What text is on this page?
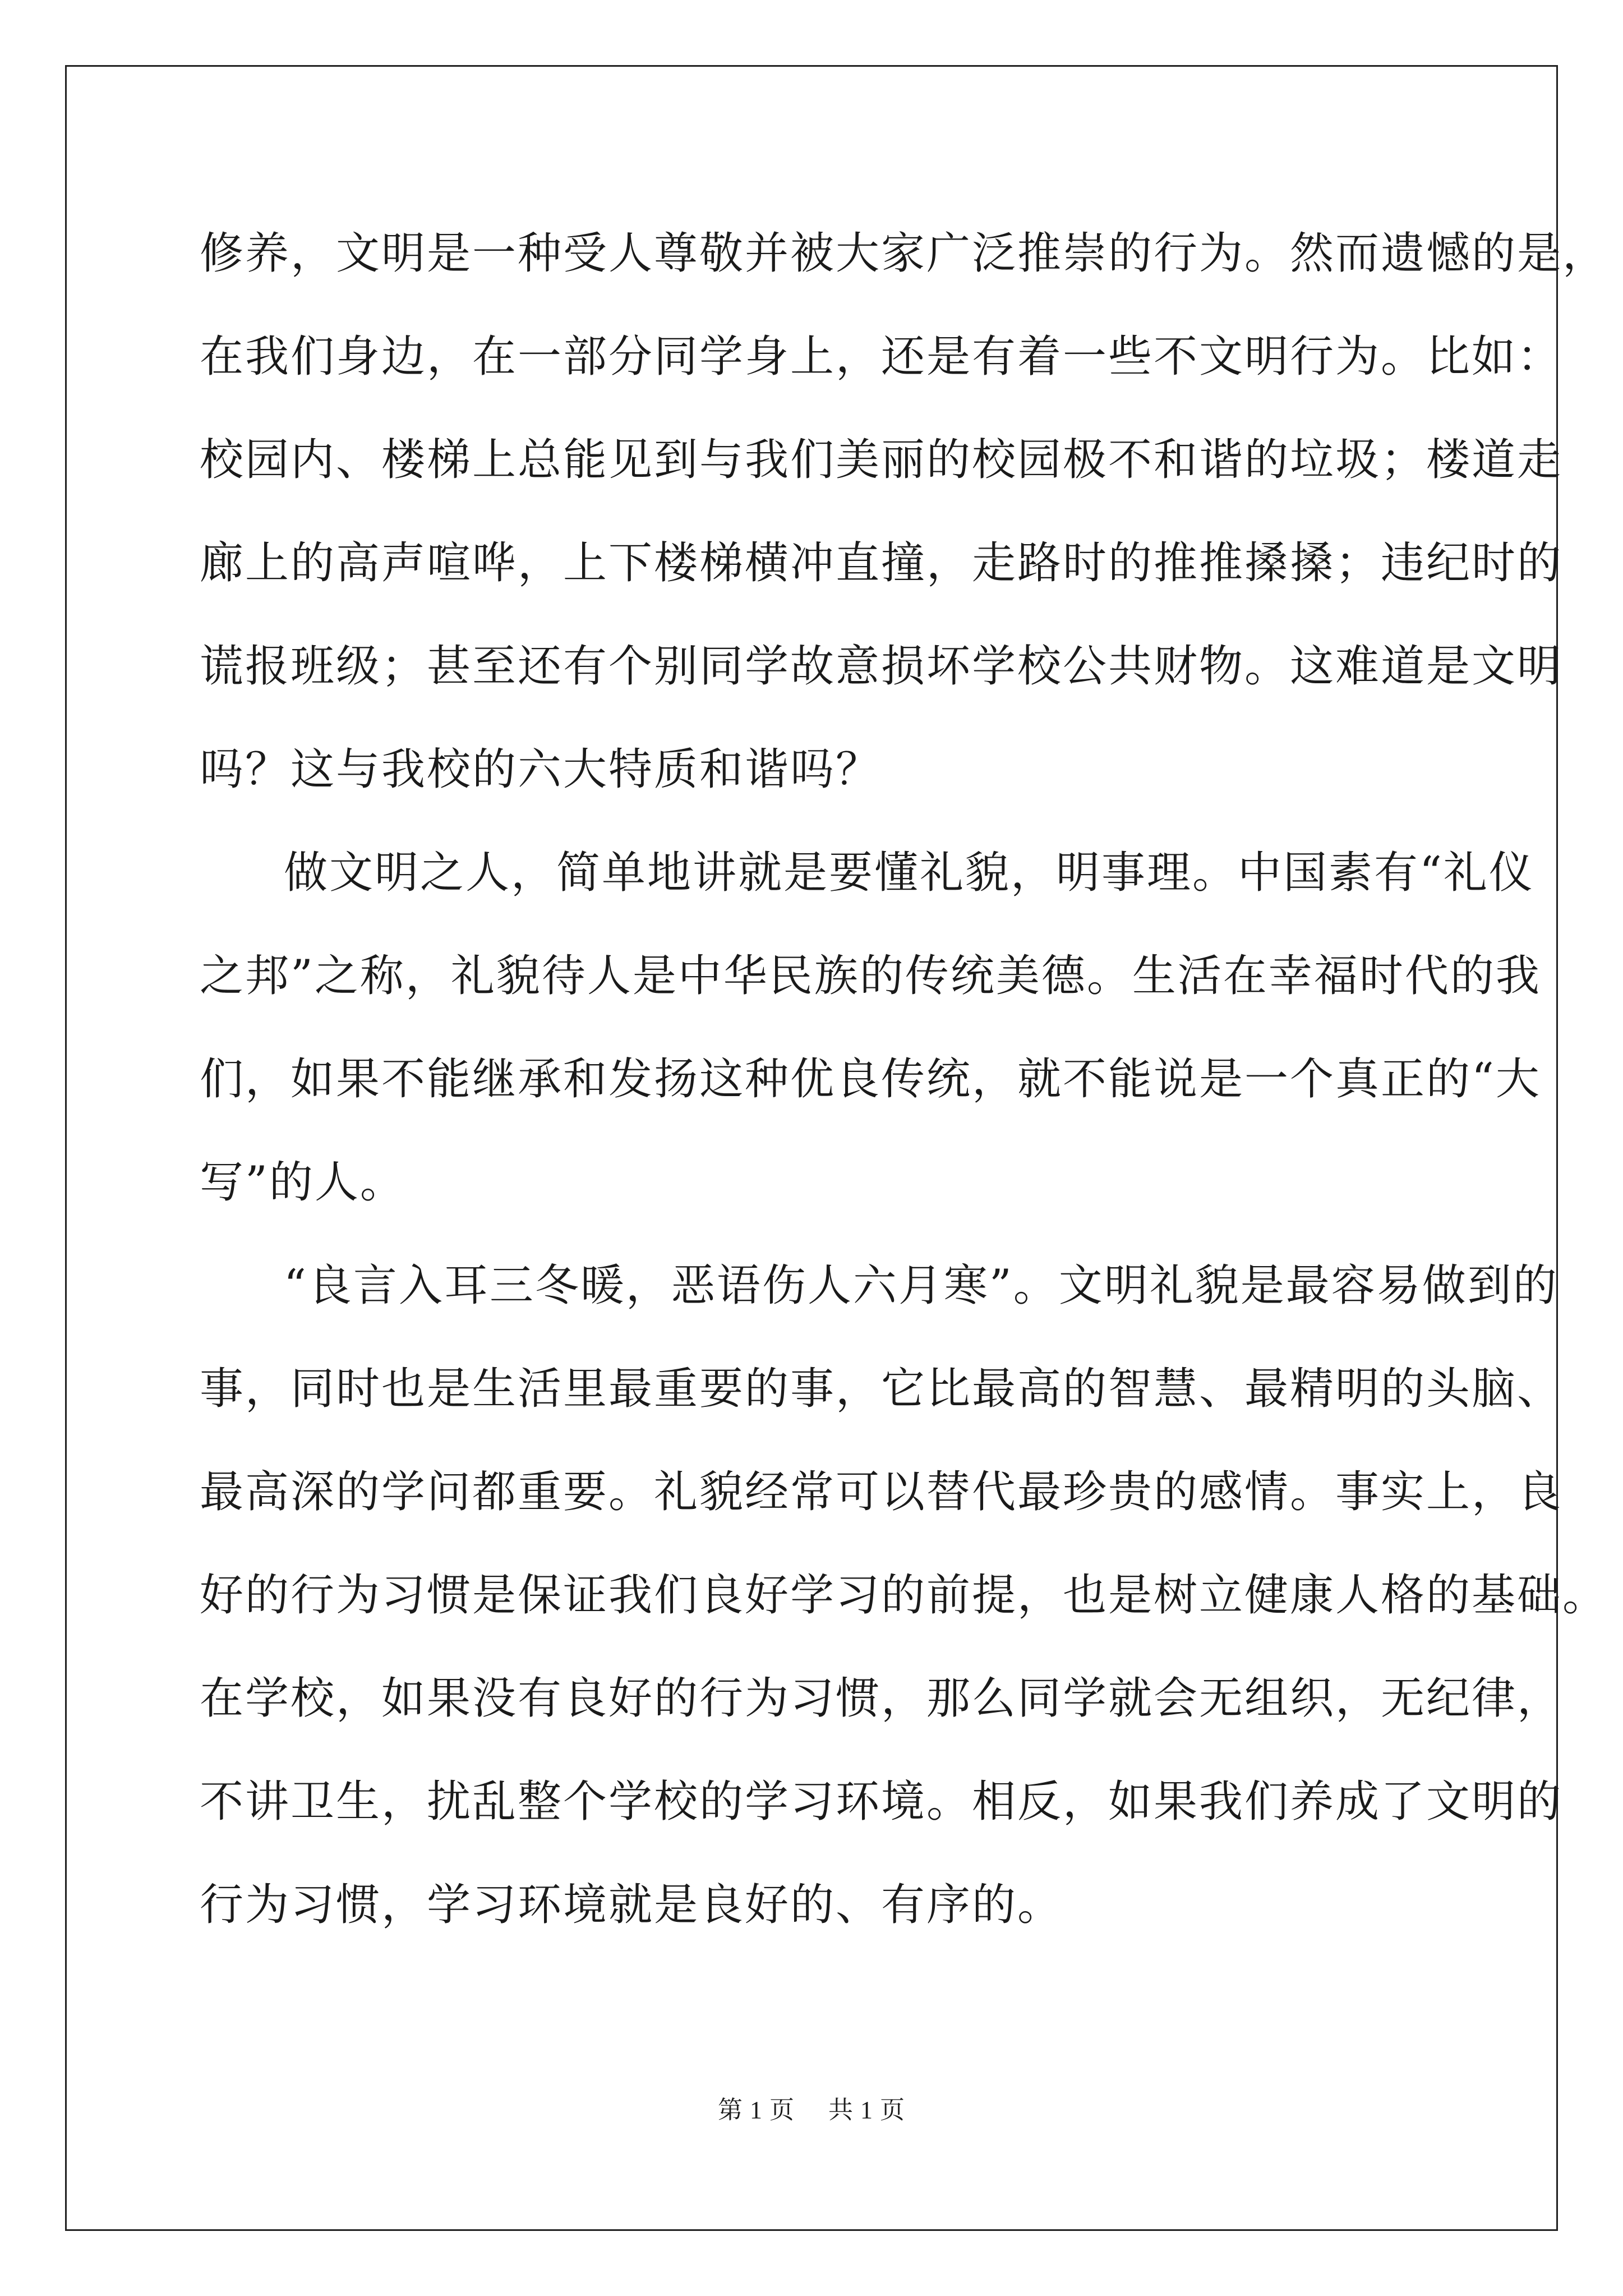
修养，文明是一种受人尊敬并被大家广泛推崇的行为。然而遗憾的是，
在我们身边，在一部分同学身上，还是有着一些不文明行为。比如：
校园内、楼梯上总能见到与我们美丽的校园极不和谐的垃圾；楼道走
廊上的高声喧哗，上下楼梯横冲直撞，走路时的推推搡搡；违纪时的
谎报班级；甚至还有个别同学故意损坏学校公共财物。这难道是文明
吗？这与我校的六大特质和谐吗？
做文明之人，简单地讲就是要懂礼貌，明事理。中国素有“礼仪
之邦”之称，礼貌待人是中华民族的传统美德。生活在幸福时代的我
们，如果不能继承和发扬这种优良传统，就不能说是一个真正的“大
写”的人。
“良言入耳三冬暖，恶语伤人六月寒”。文明礼貌是最容易做到的
事，同时也是生活里最重要的事，它比最高的智慧、最精明的头脑、
最高深的学问都重要。礼貌经常可以替代最珍贵的感情。事实上，良
好的行为习惯是保证我们良好学习的前提，也是树立健康人格的基础。
在学校，如果没有良好的行为习惯，那么同学就会无组织，无纪律，
不讲卫生，扰乱整个学校的学习环境。相反，如果我们养成了文明的
行为习惯，学习环境就是良好的、有序的。
第 1 页 共 1 页
